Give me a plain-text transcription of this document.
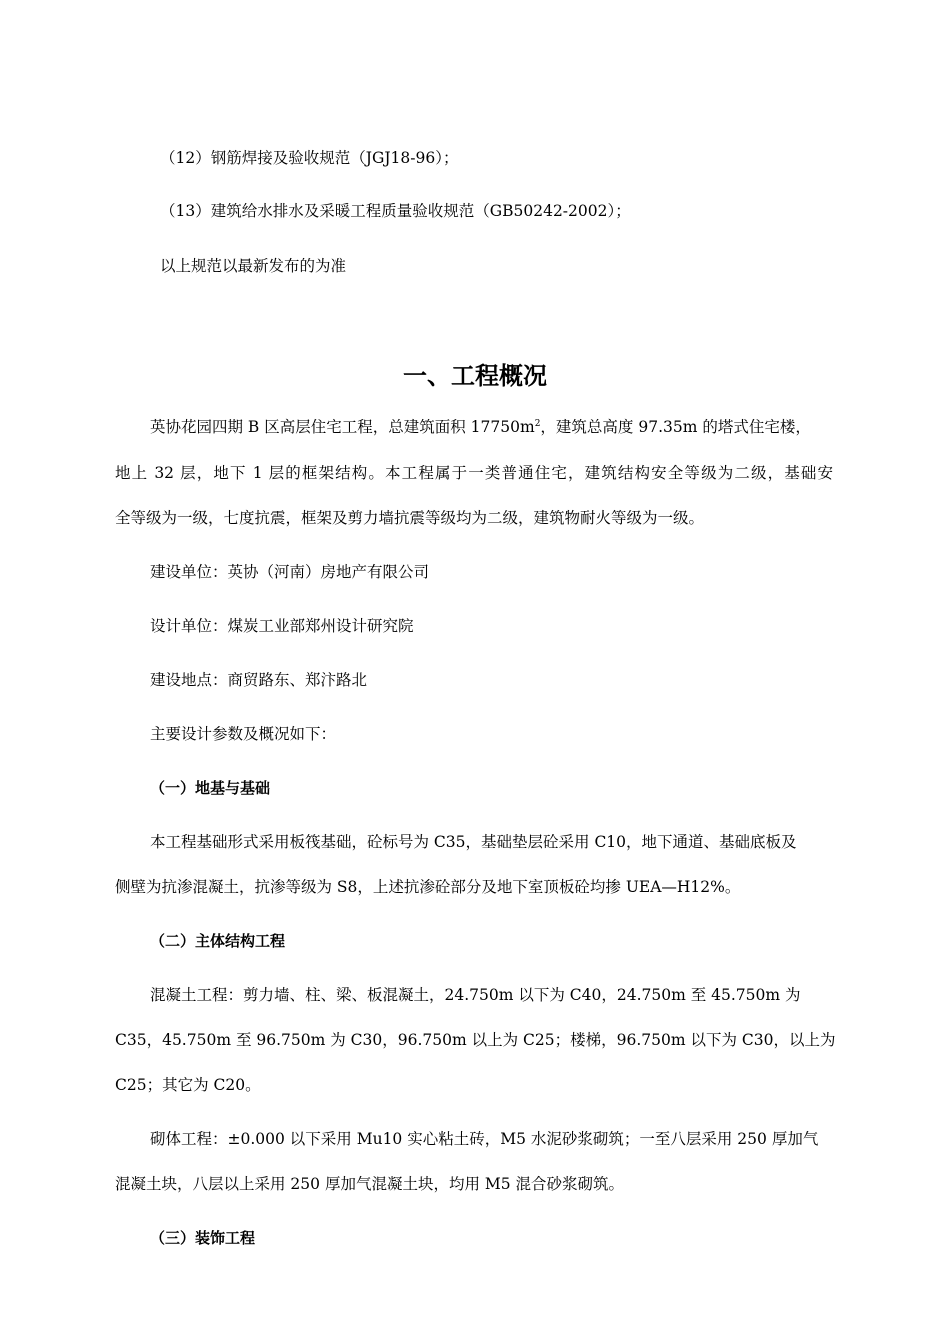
（12）钢筋焊接及验收规范（JGJ18-96）；
（13）建筑给水排水及采暖工程质量验收规范（GB50242-2002）；
以上规范以最新发布的为准
一、工程概况
英协花园四期 B 区高层住宅工程，总建筑面积 $17750m^2$，建筑总高度 97.35m 的塔式住宅楼，
地上 32 层，地下 1 层的框架结构。本工程属于一类普通住宅，建筑结构安全等级为二级，基础安
全等级为一级，七度抗震，框架及剪力墙抗震等级均为二级，建筑物耐火等级为一级。
建设单位：英协（河南）房地产有限公司
设计单位：煤炭工业部郑州设计研究院
建设地点：商贸路东、郑汴路北
主要设计参数及概况如下：
（一）地基与基础
本工程基础形式采用板筏基础，砼标号为 C35，基础垫层砼采用 C10，地下通道、基础底板及
侧壁为抗渗混凝土，抗渗等级为 S8，上述抗渗砼部分及地下室顶板砼均掺 UEA—H12%。
（二）主体结构工程
混凝土工程：剪力墙、柱、梁、板混凝土，24.750m 以下为 C40，24.750m 至 45.750m 为
C35，45.750m 至 96.750m 为 C30，96.750m 以上为 C25；楼梯，96.750m 以下为 C30，以上为
C25；其它为 C20。
砌体工程：±0.000 以下采用 Mu10 实心粘土砖，M5 水泥砂浆砌筑；一至八层采用 250 厚加气
混凝土块，八层以上采用 250 厚加气混凝土块，均用 M5 混合砂浆砌筑。
（三）装饰工程
